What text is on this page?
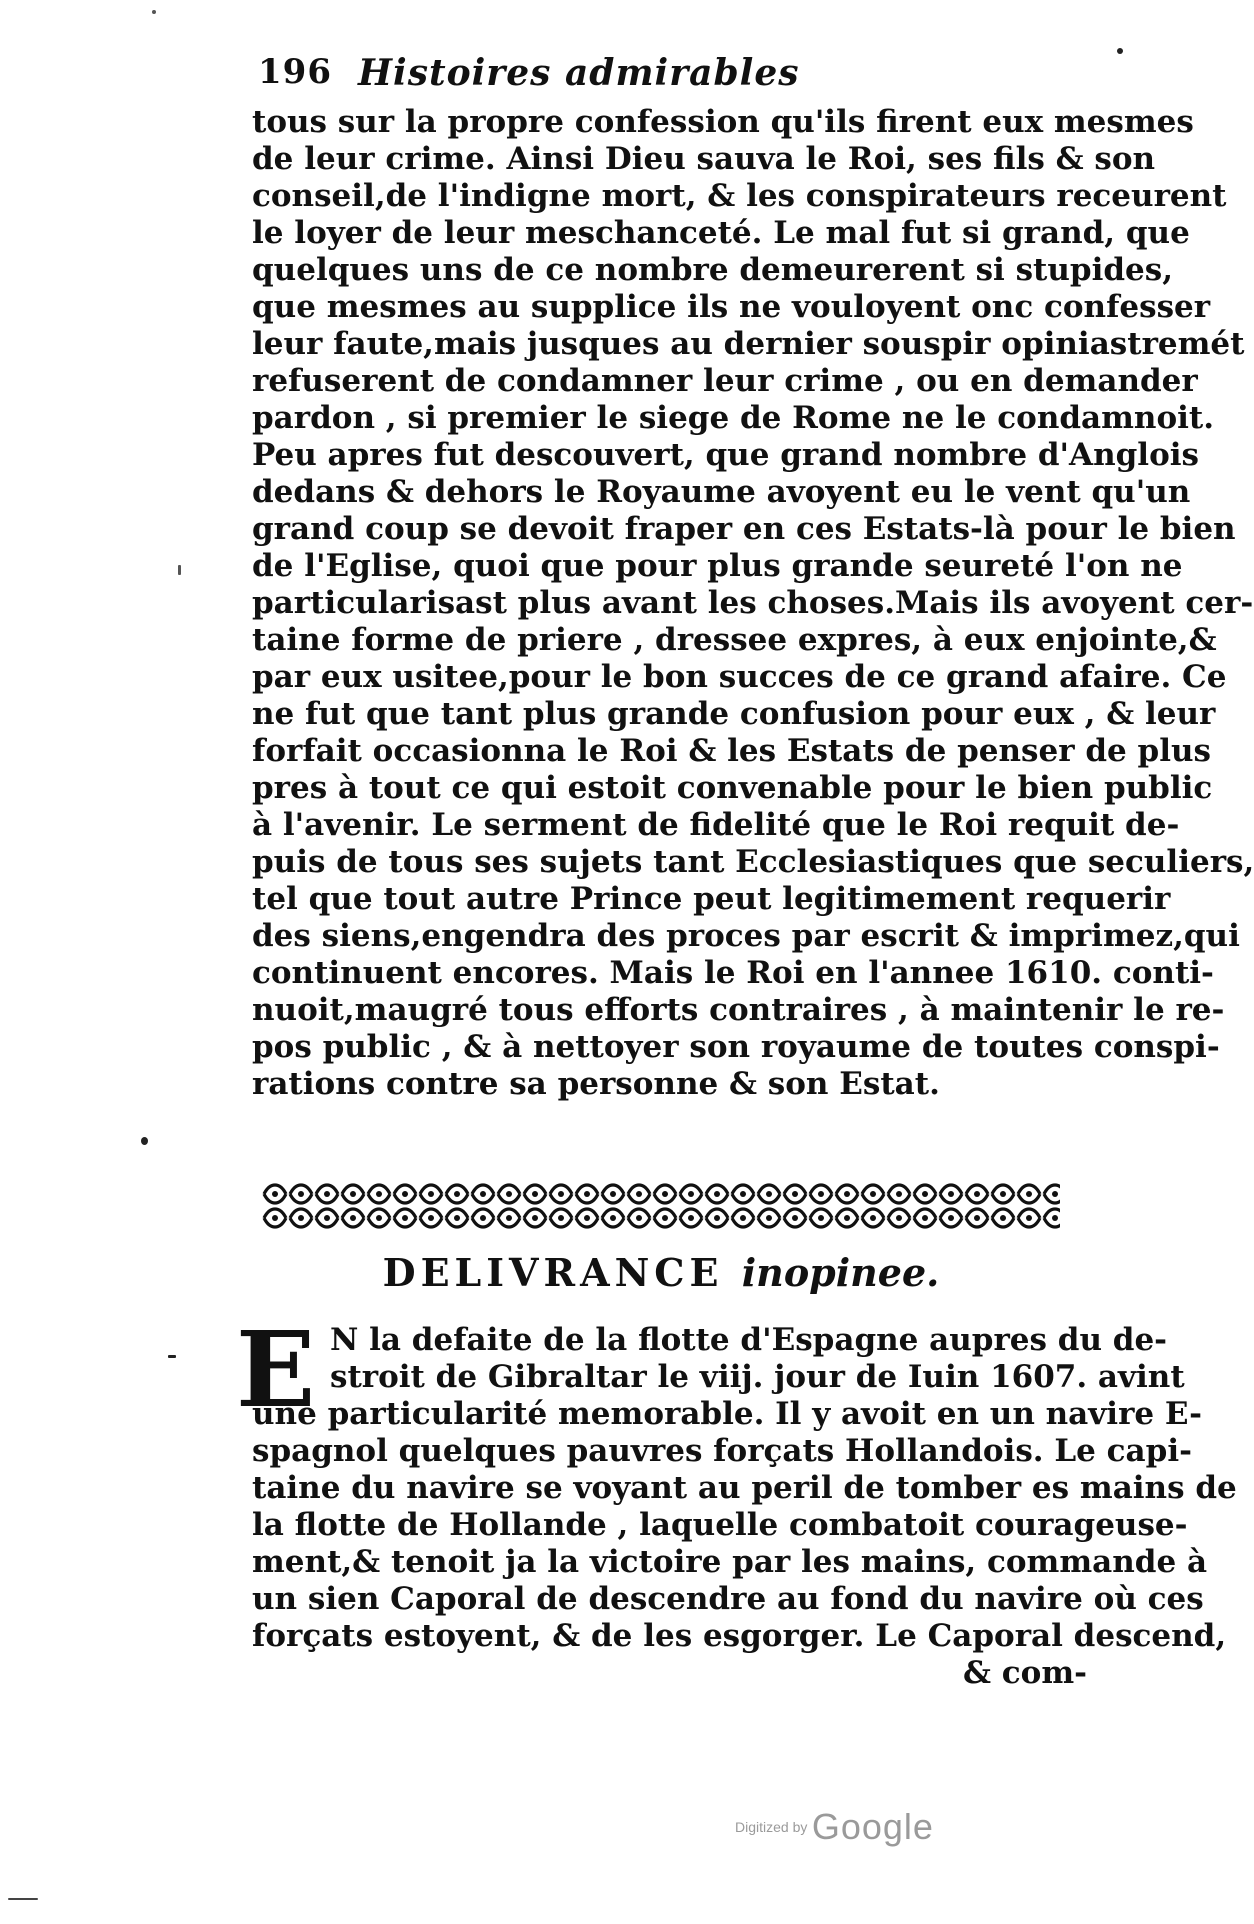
196 Histoires admirables
tous sur la propre confession qu'ils firent eux mesmes
de leur crime. Ainsi Dieu sauva le Roi, ses fils & son
conseil,de l'indigne mort, & les conspirateurs receurent
le loyer de leur meschanceté. Le mal fut si grand, que
quelques uns de ce nombre demeurerent si stupides,
que mesmes au supplice ils ne vouloyent onc confesser
leur faute,mais jusques au dernier souspir opiniastremét
refuserent de condamner leur crime , ou en demander
pardon , si premier le siege de Rome ne le condamnoit.
Peu apres fut descouvert, que grand nombre d'Anglois
dedans & dehors le Royaume avoyent eu le vent qu'un
grand coup se devoit fraper en ces Estats-là pour le bien
de l'Eglise, quoi que pour plus grande seureté l'on ne
particularisast plus avant les choses.Mais ils avoyent cer-
taine forme de priere , dressee expres, à eux enjointe,&
par eux usitee,pour le bon succes de ce grand afaire. Ce
ne fut que tant plus grande confusion pour eux , & leur
forfait occasionna le Roi & les Estats de penser de plus
pres à tout ce qui estoit convenable pour le bien public
à l'avenir. Le serment de fidelité que le Roi requit de-
puis de tous ses sujets tant Ecclesiastiques que seculiers,
tel que tout autre Prince peut legitimement requerir
des siens,engendra des proces par escrit & imprimez,qui
continuent encores. Mais le Roi en l'annee 1610. conti-
nuoit,maugré tous efforts contraires , à maintenir le re-
pos public , & à nettoyer son royaume de toutes conspi-
rations contre sa personne & son Estat.
DELIVRANCE inopinee.
E N la defaite de la flotte d'Espagne aupres du de-
stroit de Gibraltar le viij. jour de Iuin 1607. avint
une particularité memorable. Il y avoit en un navire E-
spagnol quelques pauvres forçats Hollandois. Le capi-
taine du navire se voyant au peril de tomber es mains de
la flotte de Hollande , laquelle combatoit courageuse-
ment,& tenoit ja la victoire par les mains, commande à
un sien Caporal de descendre au fond du navire où ces
forçats estoyent, & de les esgorger. Le Caporal descend,
& com-
Digitized by Google
